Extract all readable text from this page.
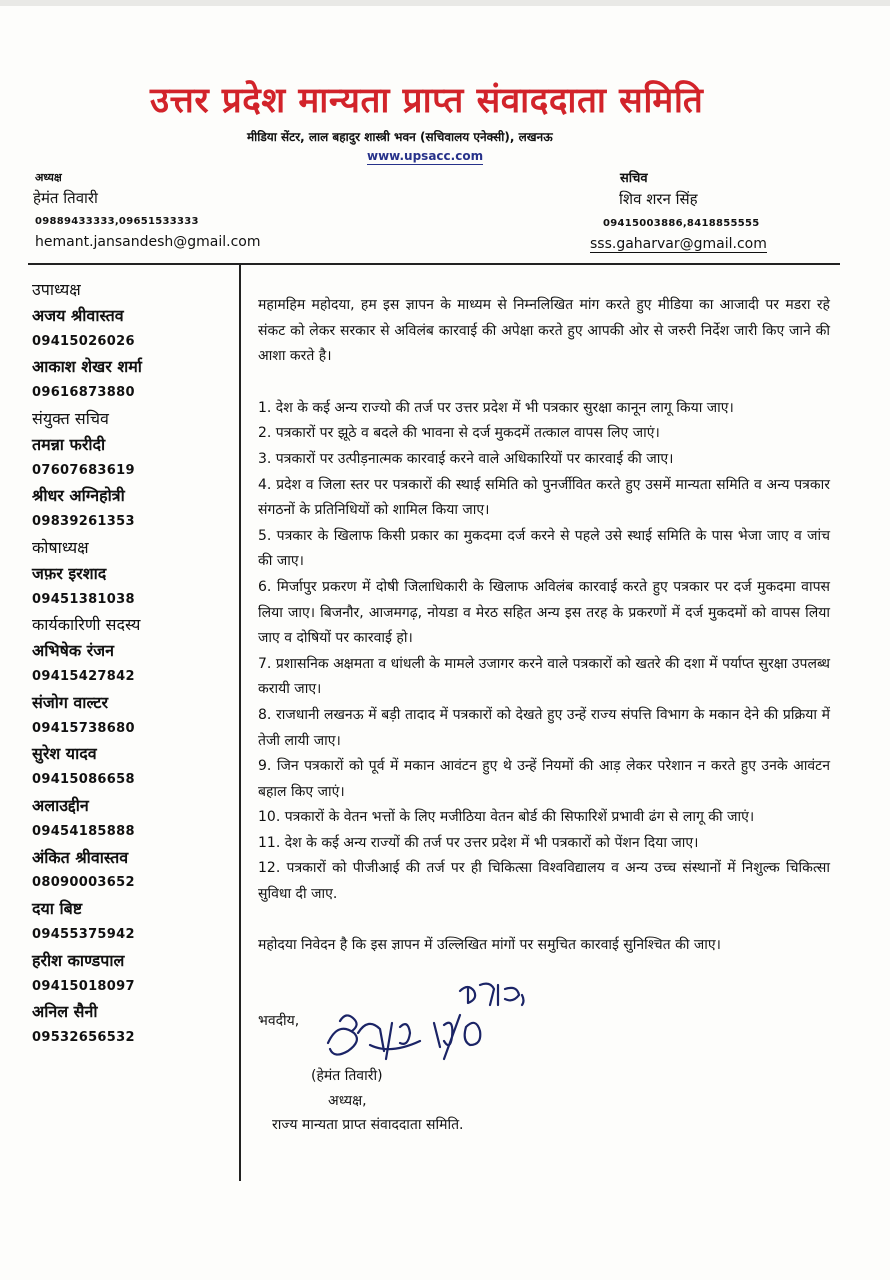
उत्तर प्रदेश मान्यता प्राप्त संवाददाता समिति
मीडिया सेंटर, लाल बहादुर शास्त्री भवन (सचिवालय एनेक्सी), लखनऊ
www.upsacc.com
अध्यक्ष
हेमंत तिवारी
09889433333,09651533333
hemant.jansandesh@gmail.com
सचिव
शिव शरन सिंह
09415003886,8418855555
sss.gaharvar@gmail.com
उपाध्यक्ष
अजय श्रीवास्तव
09415026026
आकाश शेखर शर्मा
09616873880
संयुक्त सचिव
तमन्ना फरीदी
07607683619
श्रीधर अग्निहोत्री
09839261353
कोषाध्यक्ष
जफ़र इरशाद
09451381038
कार्यकारिणी सदस्य
अभिषेक रंजन
09415427842
संजोग वाल्टर
09415738680
सुरेश यादव
09415086658
अलाउद्दीन
09454185888
अंकित श्रीवास्तव
08090003652
दया बिष्ट
09455375942
हरीश काण्डपाल
09415018097
अनिल सैनी
09532656532

महामहिम महोदया, हम इस ज्ञापन के माध्यम से निम्नलिखित मांग करते हुए मीडिया का आजादी पर मडरा रहे संकट को लेकर सरकार से अविलंब कारवाई की अपेक्षा करते हुए आपकी ओर से जरुरी निर्देश जारी किए जाने की आशा करते है।

1. देश के कई अन्य राज्यो की तर्ज पर उत्तर प्रदेश में भी पत्रकार सुरक्षा कानून लागू किया जाए।

2. पत्रकारों पर झूठे व बदले की भावना से दर्ज मुकदमें तत्काल वापस लिए जाएं।

3. पत्रकारों पर उत्पीड़नात्मक कारवाई करने वाले अधिकारियों पर कारवाई की जाए।

4. प्रदेश व जिला स्तर पर पत्रकारों की स्थाई समिति को पुनर्जीवित करते हुए उसमें मान्यता समिति व अन्य पत्रकार संगठनों के प्रतिनिधियों को शामिल किया जाए।

5. पत्रकार के खिलाफ किसी प्रकार का मुकदमा दर्ज करने से पहले उसे स्थाई समिति के पास भेजा जाए व जांच की जाए।

6. मिर्जापुर प्रकरण में दोषी जिलाधिकारी के खिलाफ अविलंब कारवाई करते हुए पत्रकार पर दर्ज मुकदमा वापस लिया जाए। बिजनौर, आजमगढ़, नोयडा व मेरठ सहित अन्य इस तरह के प्रकरणों में दर्ज मुकदमों को वापस लिया जाए व दोषियों पर कारवाई हो।

7. प्रशासनिक अक्षमता व धांधली के मामले उजागर करने वाले पत्रकारों को खतरे की दशा में पर्याप्त सुरक्षा उपलब्ध करायी जाए।

8. राजधानी लखनऊ में बड़ी तादाद में पत्रकारों को देखते हुए उन्हें राज्य संपत्ति विभाग के मकान देने की प्रक्रिया में तेजी लायी जाए।

9. जिन पत्रकारों को पूर्व में मकान आवंटन हुए थे उन्हें नियमों की आड़ लेकर परेशान न करते हुए उनके आवंटन बहाल किए जाएं।

10. पत्रकारों के वेतन भत्तों के लिए मजीठिया वेतन बोर्ड की सिफारिशें प्रभावी ढंग से लागू की जाएं।

11. देश के कई अन्य राज्यों की तर्ज पर उत्तर प्रदेश में भी पत्रकारों को पेंशन दिया जाए।

12. पत्रकारों को पीजीआई की तर्ज पर ही चिकित्सा विश्वविद्यालय व अन्य उच्च संस्थानों में निशुल्क चिकित्सा सुविधा दी जाए.

महोदया निवेदन है कि इस ज्ञापन में उल्लिखित मांगों पर समुचित कारवाई सुनिश्चित की जाए।

भवदीय,
(हेमंत तिवारी)
अध्यक्ष,
राज्य मान्यता प्राप्त संवाददाता समिति.
